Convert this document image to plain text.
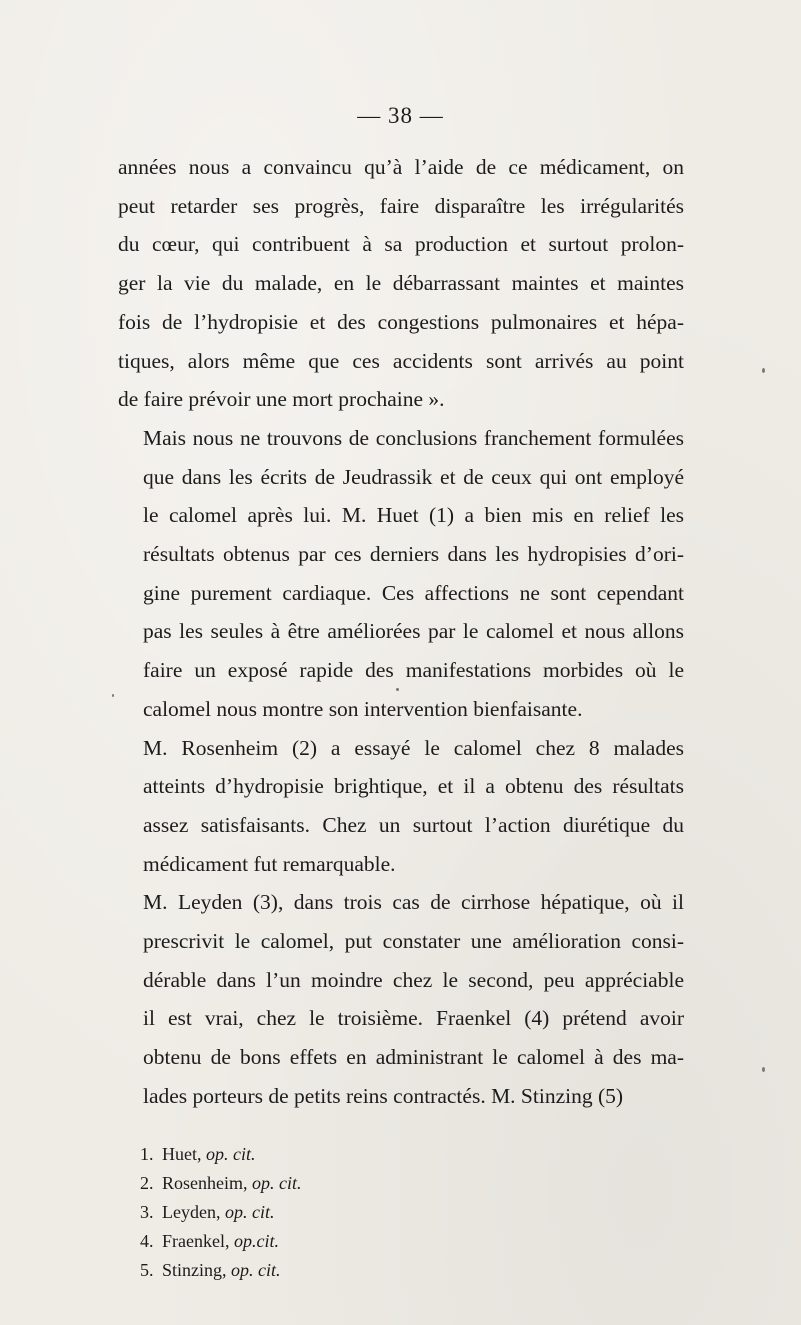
— 38 —

années nous a convaincu qu’à l’aide de ce médicament, on
peut retarder ses progrès, faire disparaître les irrégularités
du cœur, qui contribuent à sa production et surtout prolon-
ger la vie du malade, en le débarrassant maintes et maintes
fois de l’hydropisie et des congestions pulmonaires et hépa-
tiques, alors même que ces accidents sont arrivés au point
de faire prévoir une mort prochaine ».

Mais nous ne trouvons de conclusions franchement formulées
que dans les écrits de Jeudrassik et de ceux qui ont employé
le calomel après lui. M. Huet (1) a bien mis en relief les
résultats obtenus par ces derniers dans les hydropisies d’ori-
gine purement cardiaque. Ces affections ne sont cependant
pas les seules à être améliorées par le calomel et nous allons
faire un exposé rapide des manifestations morbides où le
calomel nous montre son intervention bienfaisante.

M. Rosenheim (2) a essayé le calomel chez 8 malades
atteints d’hydropisie brightique, et il a obtenu des résultats
assez satisfaisants. Chez un surtout l’action diurétique du
médicament fut remarquable.

M. Leyden (3), dans trois cas de cirrhose hépatique, où il
prescrivit le calomel, put constater une amélioration consi-
dérable dans l’un moindre chez le second, peu appréciable
il est vrai, chez le troisième. Fraenkel (4) prétend avoir
obtenu de bons effets en administrant le calomel à des ma-
lades porteurs de petits reins contractés. M. Stinzing (5)

1. Huet, op. cit.
2. Rosenheim, op. cit.
3. Leyden, op. cit.
4. Fraenkel, op.cit.
5. Stinzing, op. cit.
